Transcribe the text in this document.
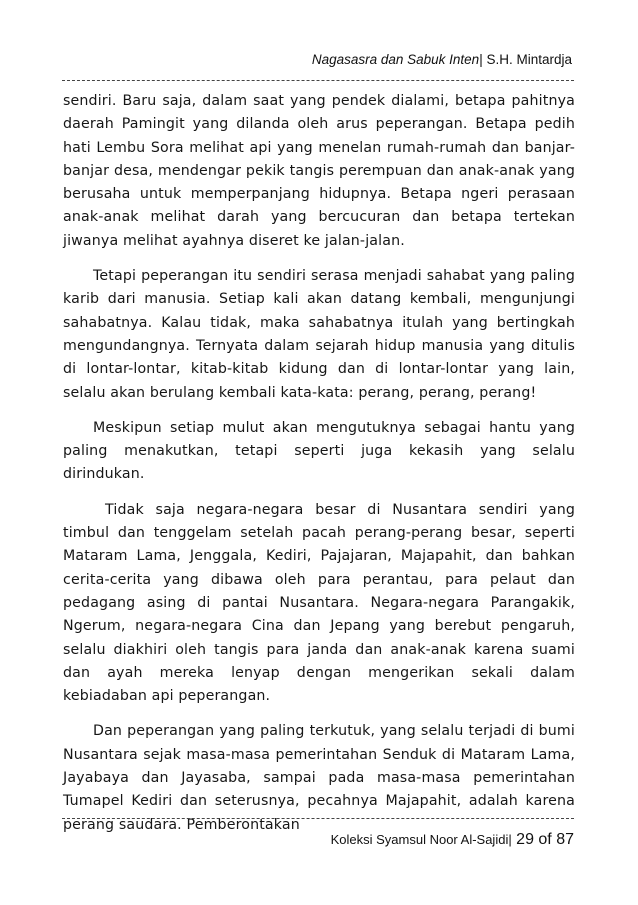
Nagasasra dan Sabuk Inten| S.H. Mintardja

sendiri. Baru saja, dalam saat yang pendek dialami, betapa pahitnya daerah Pamingit yang dilanda oleh arus peperangan. Betapa pedih hati Lembu Sora melihat api yang menelan rumah-rumah dan banjar-banjar desa, mendengar pekik tangis perempuan dan anak-anak yang berusaha untuk memperpanjang hidupnya. Betapa ngeri perasaan anak-anak melihat darah yang bercucuran dan betapa tertekan jiwanya melihat ayahnya diseret ke jalan-jalan.

Tetapi peperangan itu sendiri serasa menjadi sahabat yang paling karib dari manusia. Setiap kali akan datang kembali, mengunjungi sahabatnya. Kalau tidak, maka sahabatnya itulah yang bertingkah mengundangnya. Ternyata dalam sejarah hidup manusia yang ditulis di lontar-lontar, kitab-kitab kidung dan di lontar-lontar yang lain, selalu akan berulang kembali kata-kata: perang, perang, perang!

Meskipun setiap mulut akan mengutuknya sebagai hantu yang paling menakutkan, tetapi seperti juga kekasih yang selalu dirindukan.

Tidak saja negara-negara besar di Nusantara sendiri yang timbul dan tenggelam setelah pacah perang-perang besar, seperti Mataram Lama, Jenggala, Kediri, Pajajaran, Majapahit, dan bahkan cerita-cerita yang dibawa oleh para perantau, para pelaut dan pedagang asing di pantai Nusantara. Negara-negara Parangakik, Ngerum, negara-negara Cina dan Jepang yang berebut pengaruh, selalu diakhiri oleh tangis para janda dan anak-anak karena suami dan ayah mereka lenyap dengan mengerikan sekali dalam kebiadaban api peperangan.

Dan peperangan yang paling terkutuk, yang selalu terjadi di bumi Nusantara sejak masa-masa pemerintahan Senduk di Mataram Lama, Jayabaya dan Jayasaba, sampai pada masa-masa pemerintahan Tumapel Kediri dan seterusnya, pecahnya Majapahit, adalah karena perang saudara. Pemberontakan

Koleksi Syamsul Noor Al-Sajidi| 29 of 87
